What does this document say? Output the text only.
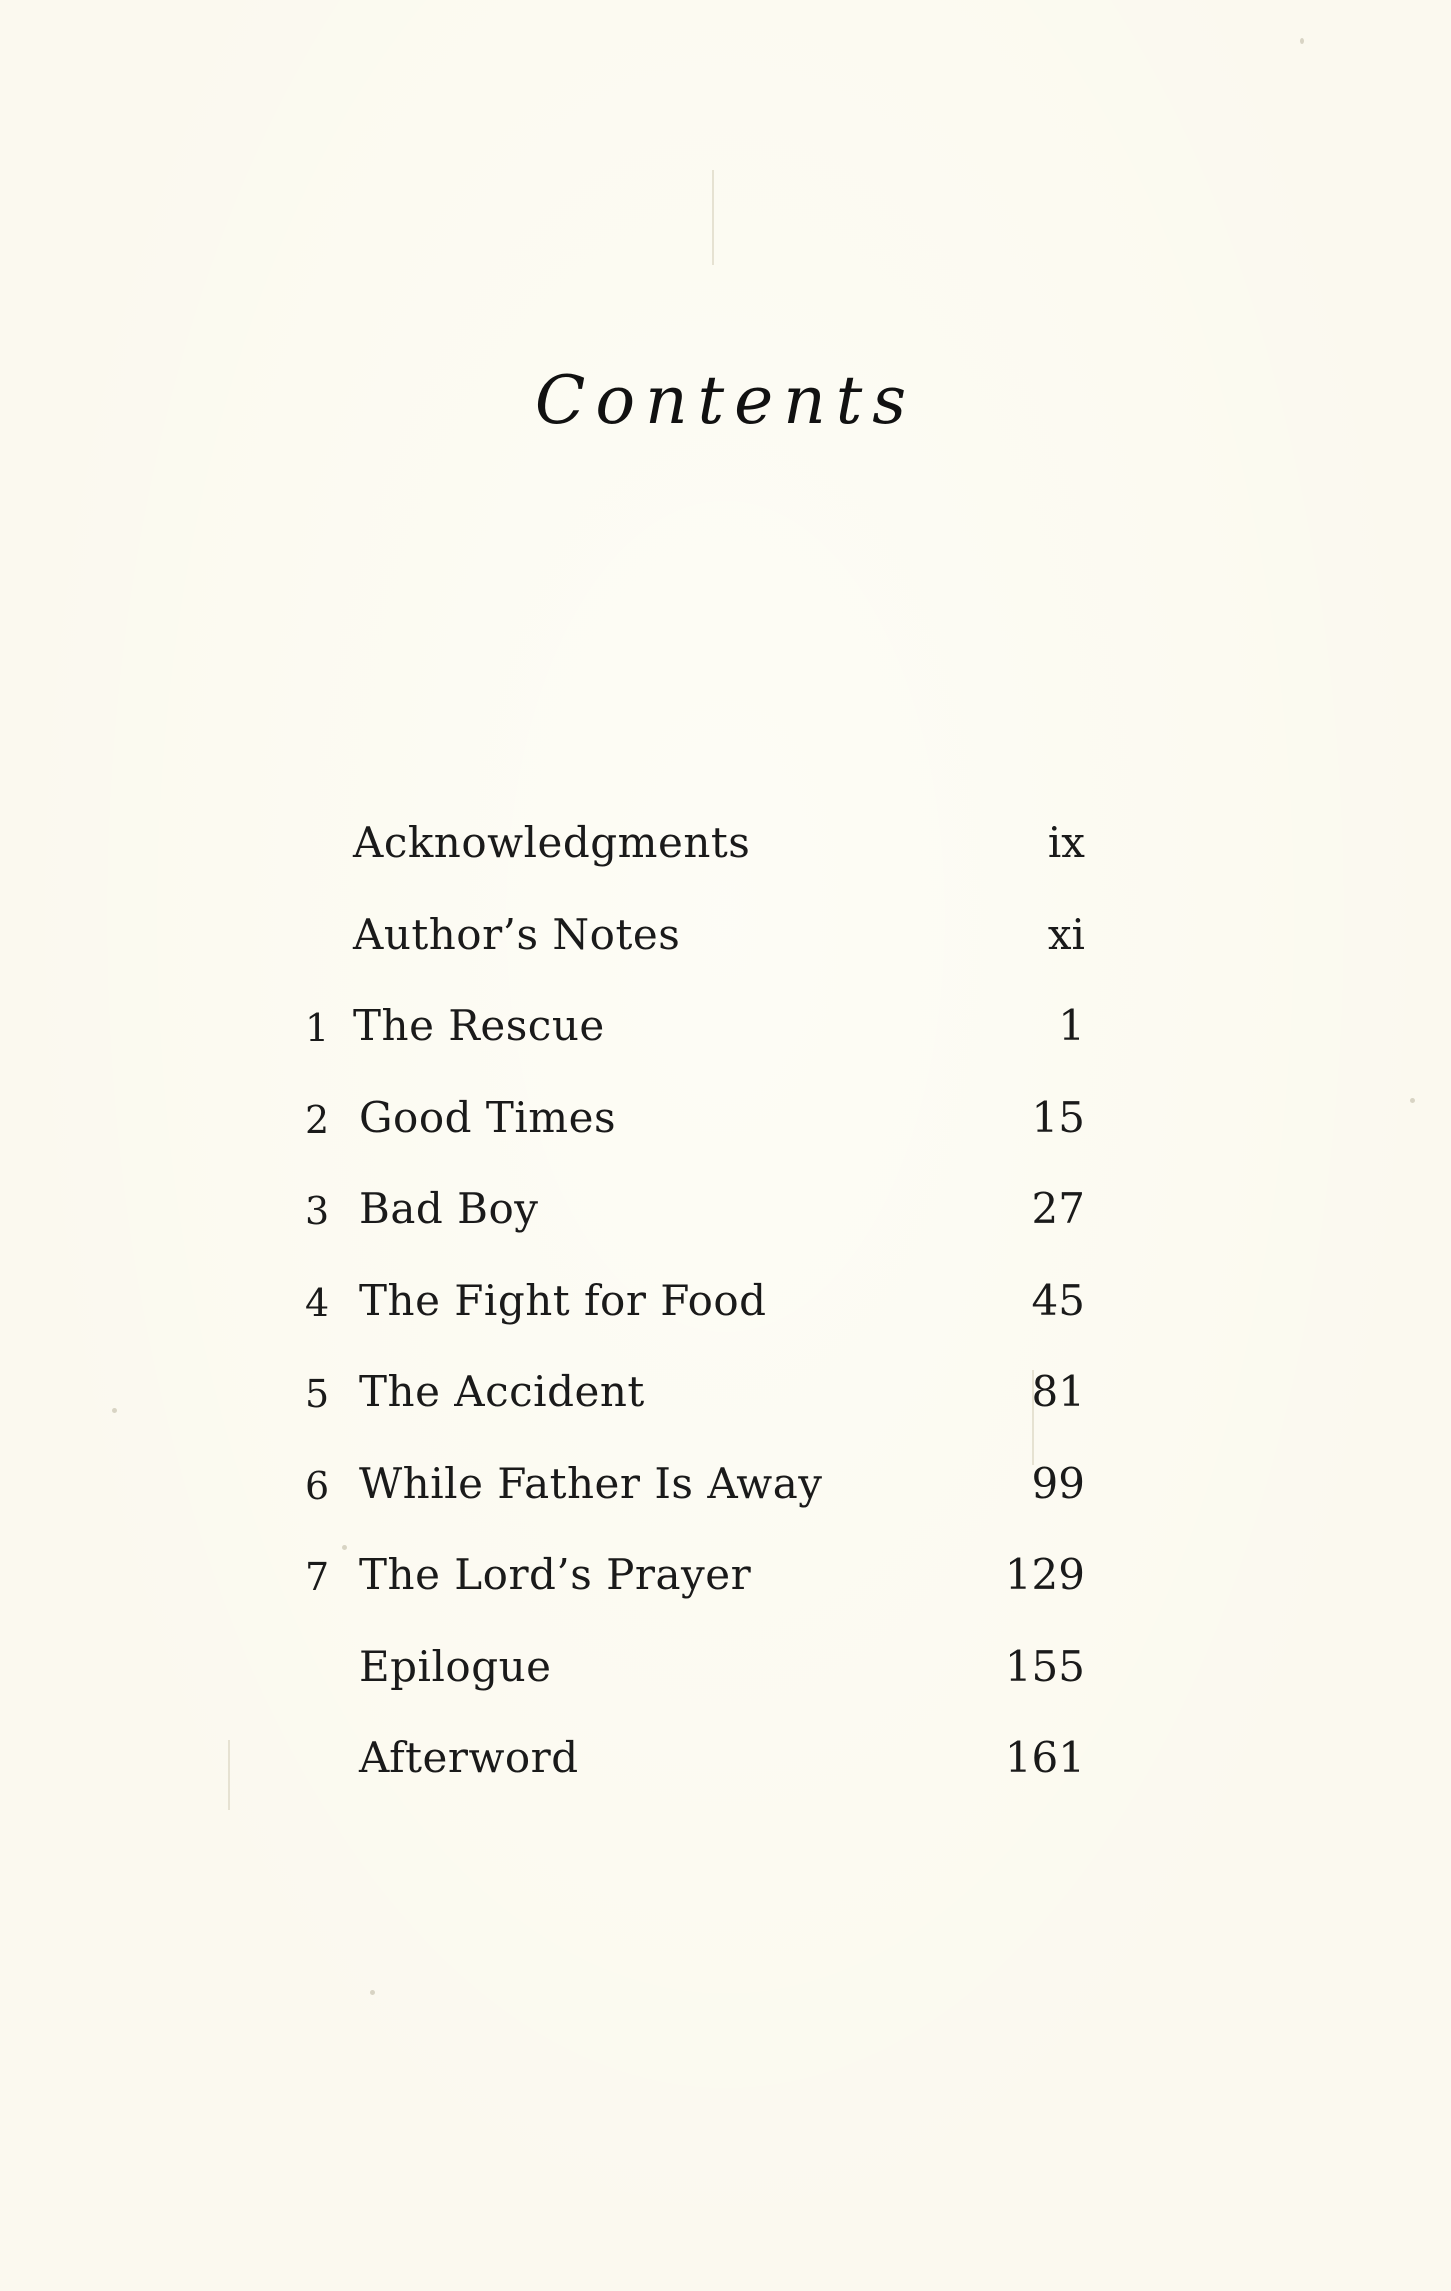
Contents
Acknowledgments	ix
Author’s Notes	xi
1 The Rescue	1
2 Good Times	15
3 Bad Boy	27
4 The Fight for Food	45
5 The Accident	81
6 While Father Is Away	99
7 The Lord’s Prayer	129
Epilogue	155
Afterword	161
